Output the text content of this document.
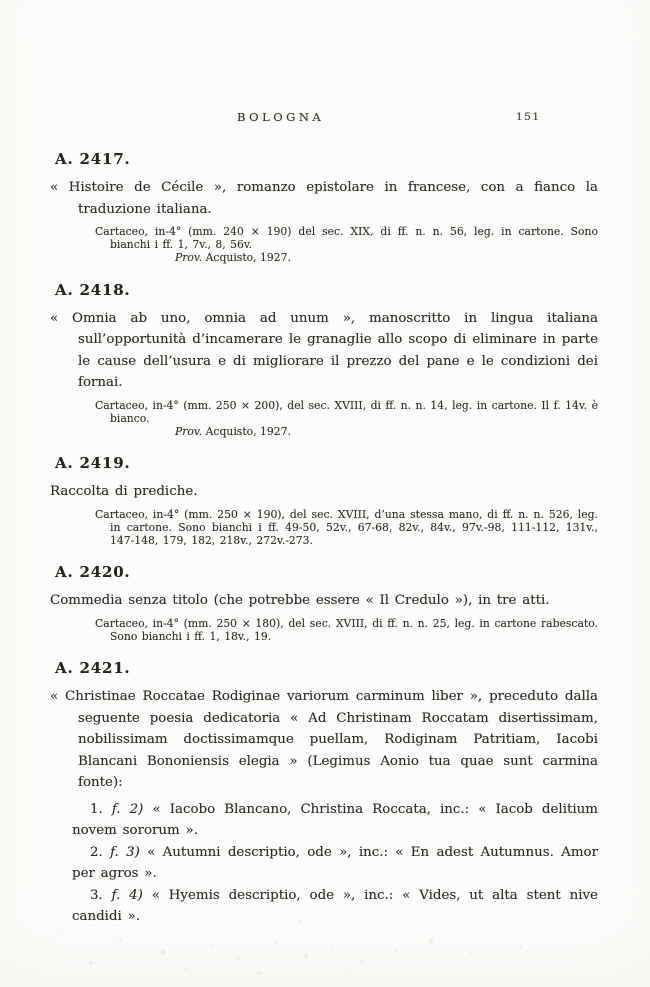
BOLOGNA	151
A. 2417.

« Histoire de Cécile », romanzo epistolare in francese, con a fianco la traduzione italiana.

Cartaceo, in-4° (mm. 240 × 190) del sec. XIX, di ff. n. n. 56, leg. in cartone. Sono bianchi i ff. 1, 7v., 8, 56v.

Prov. Acquisto, 1927.

A. 2418.

« Omnia ab uno, omnia ad unum », manoscritto in lingua italiana sull’opportunità d’incamerare le granaglie allo scopo di eliminare in parte le cause dell’usura e di migliorare il prezzo del pane e le condizioni dei fornai.

Cartaceo, in-4° (mm. 250 × 200), del sec. XVIII, di ff. n. n. 14, leg. in cartone. Il f. 14v. è bianco.

Prov. Acquisto, 1927.

A. 2419.

Raccolta di prediche.

Cartaceo, in-4° (mm. 250 × 190), del sec. XVIII, d’una stessa mano, di ff. n. n. 526, leg. in cartone. Sono bianchi i ff. 49-50, 52v., 67-68, 82v., 84v., 97v.-98, 111-112, 131v., 147-148, 179, 182, 218v., 272v.-273.

A. 2420.

Commedia senza titolo (che potrebbe essere « Il Credulo »), in tre atti.

Cartaceo, in-4° (mm. 250 × 180), del sec. XVIII, di ff. n. n. 25, leg. in cartone rabescato. Sono bianchi i ff. 1, 18v., 19.

A. 2421.

« Christinae Roccatae Rodiginae variorum carminum liber », preceduto dalla seguente poesia dedicatoria « Ad Christinam Roccatam disertissimam, nobilissimam doctissimamque puellam, Rodiginam Patritiam, Iacobi Blancani Bononiensis elegia » (Legimus Aonio tua quae sunt carmina fonte):

1. f. 2) « Iacobo Blancano, Christina Roccata, inc.: « Iacob delitium novem sororum ».

2. f. 3) « Autumni descriptio, ode », inc.: « En adest Autumnus. Amor per agros ».

3. f. 4) « Hyemis descriptio, ode », inc.: « Vides, ut alta stent nive candidi ».
